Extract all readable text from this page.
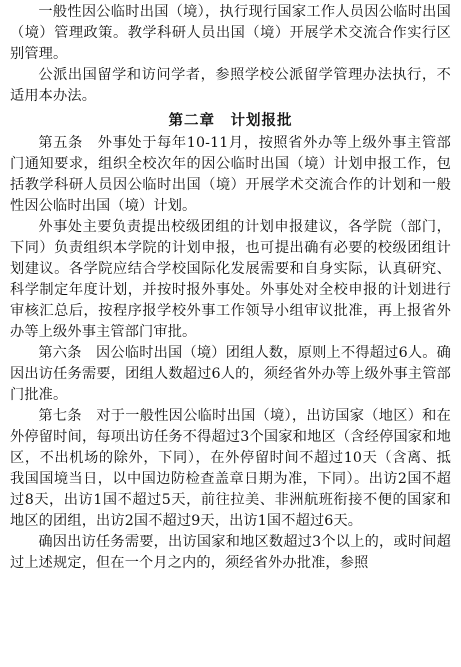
一般性因公临时出国（境），执行现行国家工作人员因公临时出国（境）管理政策。教学科研人员出国（境）开展学术交流合作实行区别管理。

公派出国留学和访问学者，参照学校公派留学管理办法执行，不适用本办法。

第二章　计划报批

第五条　外事处于每年10-11月，按照省外办等上级外事主管部门通知要求，组织全校次年的因公临时出国（境）计划申报工作，包括教学科研人员因公临时出国（境）开展学术交流合作的计划和一般性因公临时出国（境）计划。

外事处主要负责提出校级团组的计划申报建议，各学院（部门，下同）负责组织本学院的计划申报，也可提出确有必要的校级团组计划建议。各学院应结合学校国际化发展需要和自身实际，认真研究、科学制定年度计划，并按时报外事处。外事处对全校申报的计划进行审核汇总后，按程序报学校外事工作领导小组审议批准，再上报省外办等上级外事主管部门审批。

第六条　因公临时出国（境）团组人数，原则上不得超过6人。确因出访任务需要，团组人数超过6人的，须经省外办等上级外事主管部门批准。

第七条　对于一般性因公临时出国（境），出访国家（地区）和在外停留时间，每项出访任务不得超过3个国家和地区（含经停国家和地区，不出机场的除外，下同），在外停留时间不超过10天（含离、抵我国国境当日，以中国边防检查盖章日期为准，下同）。出访2国不超过8天，出访1国不超过5天，前往拉美、非洲航班衔接不便的国家和地区的团组，出访2国不超过9天，出访1国不超过6天。

确因出访任务需要，出访国家和地区数超过3个以上的，或时间超过上述规定，但在一个月之内的，须经省外办批准，参照
